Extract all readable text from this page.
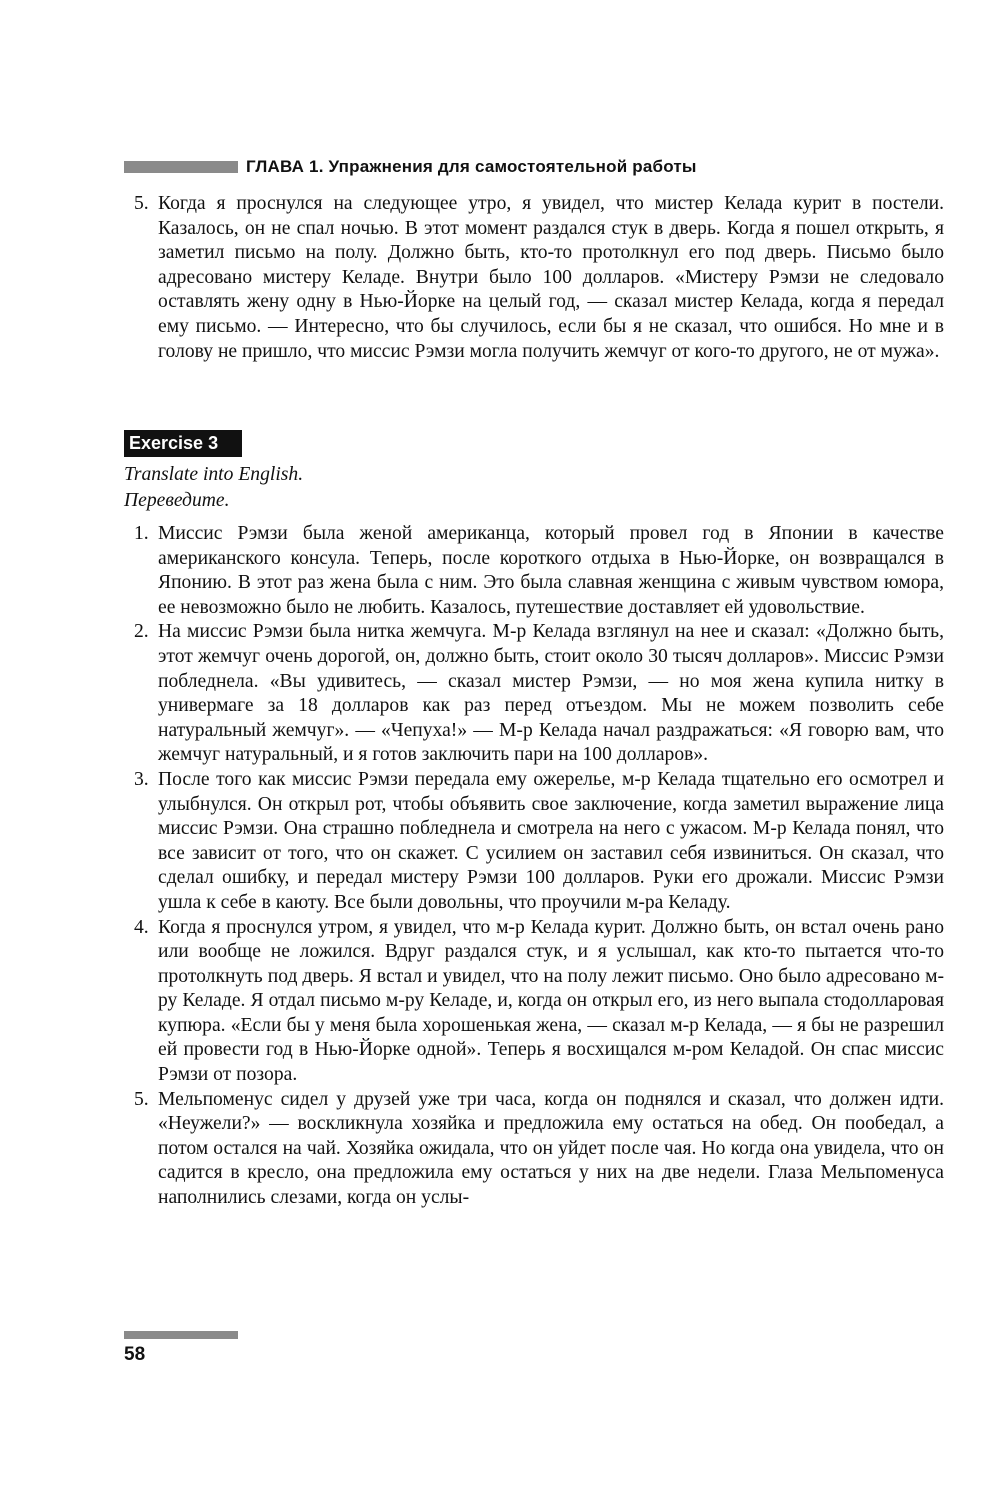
ГЛАВА 1. Упражнения для самостоятельной работы
5. Когда я проснулся на следующее утро, я увидел, что мистер Келада курит в постели. Казалось, он не спал ночью. В этот момент раздался стук в дверь. Когда я пошел открыть, я заметил письмо на полу. Должно быть, кто-то протолкнул его под дверь. Письмо было адресовано мистеру Келаде. Внутри было 100 долларов. «Мистеру Рэмзи не следовало оставлять жену одну в Нью-Йорке на целый год, — сказал мистер Келада, когда я передал ему письмо. — Интересно, что бы случилось, если бы я не сказал, что ошибся. Но мне и в голову не пришло, что миссис Рэмзи могла получить жемчуг от кого-то другого, не от мужа».
Exercise 3
Translate into English.
Переведите.
1. Миссис Рэмзи была женой американца, который провел год в Японии в качестве американского консула. Теперь, после короткого отдыха в Нью-Йорке, он возвращался в Японию. В этот раз жена была с ним. Это была славная женщина с живым чувством юмора, ее невозможно было не любить. Казалось, путешествие доставляет ей удовольствие.
2. На миссис Рэмзи была нитка жемчуга. М-р Келада взглянул на нее и сказал: «Должно быть, этот жемчуг очень дорогой, он, должно быть, стоит около 30 тысяч долларов». Миссис Рэмзи побледнела. «Вы удивитесь, — сказал мистер Рэмзи, — но моя жена купила нитку в универмаге за 18 долларов как раз перед отъездом. Мы не можем позволить себе натуральный жемчуг». — «Чепуха!» — М-р Келада начал раздражаться: «Я говорю вам, что жемчуг натуральный, и я готов заключить пари на 100 долларов».
3. После того как миссис Рэмзи передала ему ожерелье, м-р Келада тщательно его осмотрел и улыбнулся. Он открыл рот, чтобы объявить свое заключение, когда заметил выражение лица миссис Рэмзи. Она страшно побледнела и смотрела на него с ужасом. М-р Келада понял, что все зависит от того, что он скажет. С усилием он заставил себя извиниться. Он сказал, что сделал ошибку, и передал мистеру Рэмзи 100 долларов. Руки его дрожали. Миссис Рэмзи ушла к себе в каюту. Все были довольны, что проучили м-ра Келаду.
4. Когда я проснулся утром, я увидел, что м-р Келада курит. Должно быть, он встал очень рано или вообще не ложился. Вдруг раздался стук, и я услышал, как кто-то пытается что-то протолкнуть под дверь. Я встал и увидел, что на полу лежит письмо. Оно было адресовано м-ру Келаде. Я отдал письмо м-ру Келаде, и, когда он открыл его, из него выпала стодолларовая купюра. «Если бы у меня была хорошенькая жена, — сказал м-р Келада, — я бы не разрешил ей провести год в Нью-Йорке одной». Теперь я восхищался м-ром Келадой. Он спас миссис Рэмзи от позора.
5. Мельпоменус сидел у друзей уже три часа, когда он поднялся и сказал, что должен идти. «Неужели?» — воскликнула хозяйка и предложила ему остаться на обед. Он пообедал, а потом остался на чай. Хозяйка ожидала, что он уйдет после чая. Но когда она увидела, что он садится в кресло, она предложила ему остаться у них на две недели. Глаза Мельпоменуса наполнились слезами, когда он услы-
58
